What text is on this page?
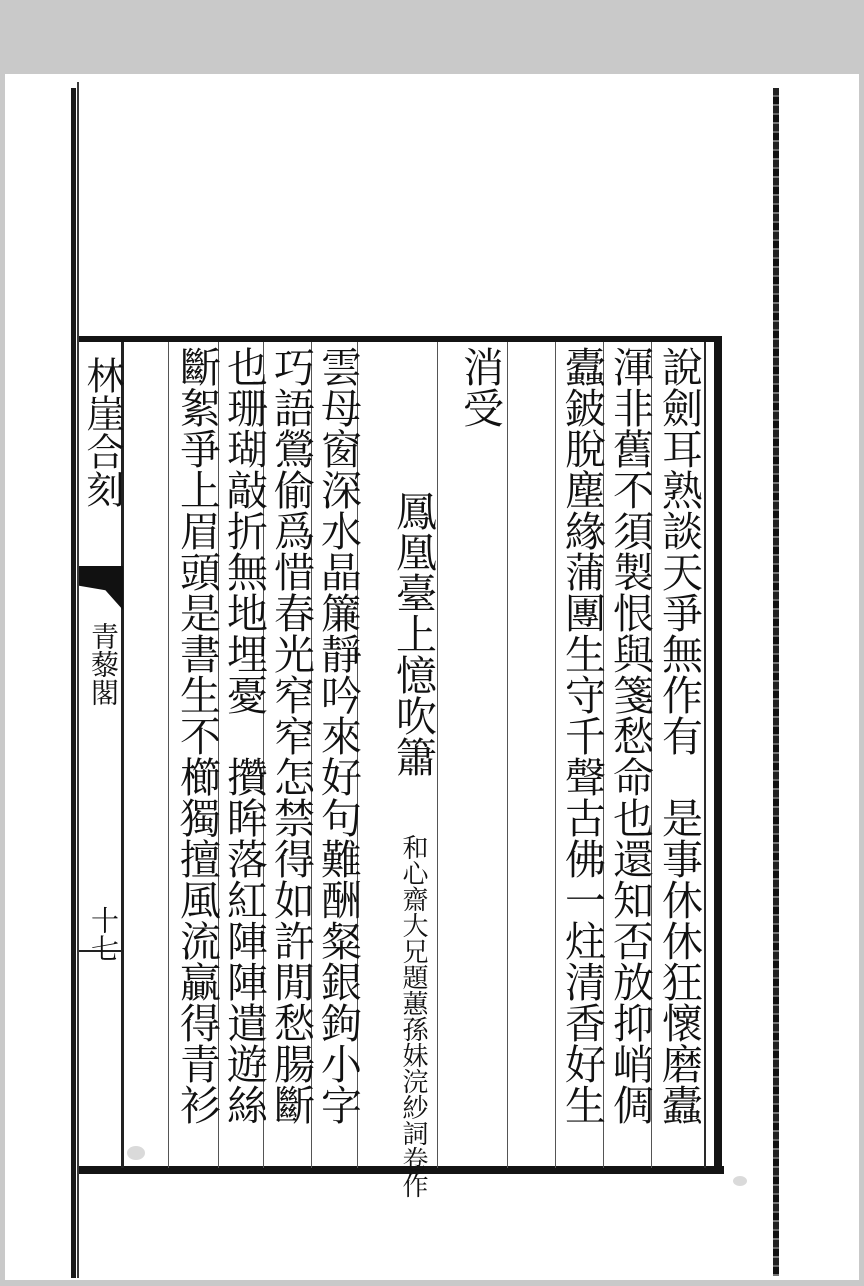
林崖合刻
青藜閣
十七	說劍耳熟談天爭無作有　是事休休狂懷磨蠹
渾非舊不須製恨與箋愁命也還知否放抑峭倜
蠹鈹脫塵緣蒲團生守千聲古佛一炷清香好生
消受
鳳凰臺上憶吹簫
和心齋大兄題蕙孫妹浣紗詞卷作
雲母窗深水晶簾靜吟來好句難酬粲銀鉤小字
巧語鶯偷爲惜春光窄窄怎禁得如許閒愁腸斷
也珊瑚敲折無地埋憂　攢眸落紅陣陣遣遊絲
斷絮爭上眉頭是書生不櫛獨擅風流贏得青衫
